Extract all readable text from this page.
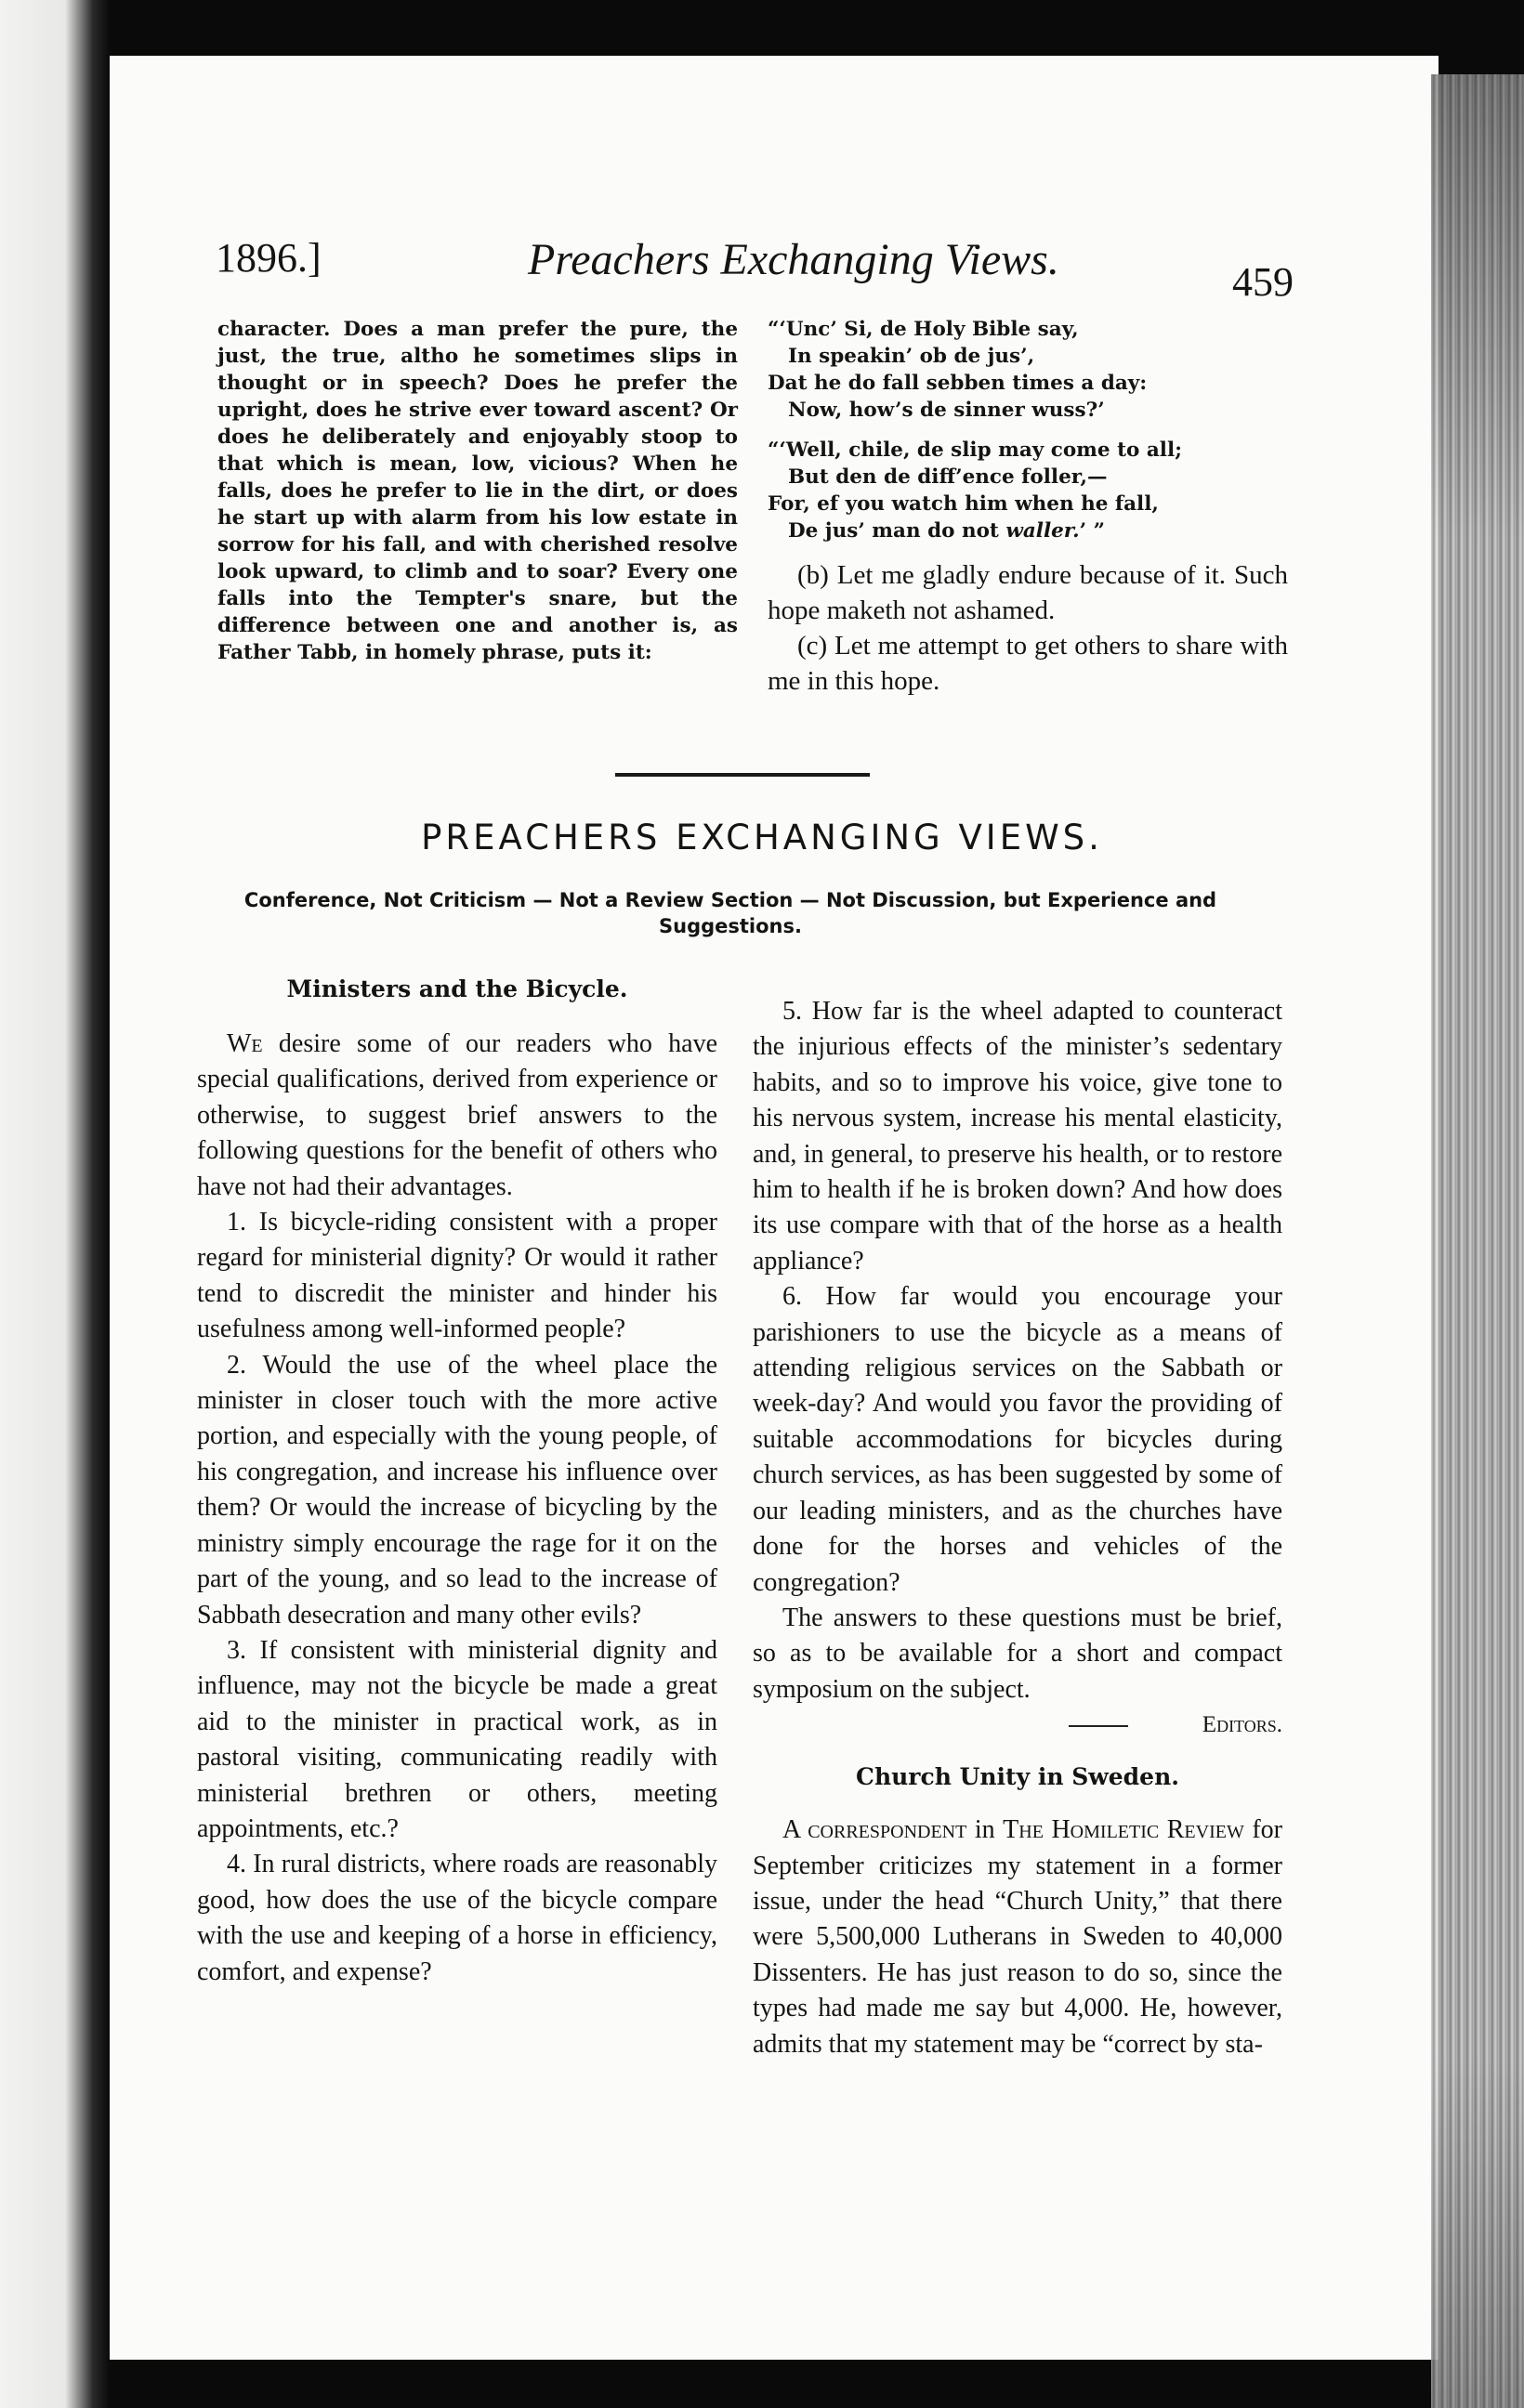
1896.]	Preachers Exchanging Views.	459

character. Does a man prefer the pure, the just, the true, altho he sometimes slips in thought or in speech? Does he prefer the upright, does he strive ever toward ascent? Or does he deliberately and enjoyably stoop to that which is mean, low, vicious? When he falls, does he prefer to lie in the dirt, or does he start up with alarm from his low estate in sorrow for his fall, and with cherished resolve look upward, to climb and to soar? Every one falls into the Tempter's snare, but the difference between one and another is, as Father Tabb, in homely phrase, puts it:

“‘Unc’ Si, de Holy Bible say,
In speakin’ ob de jus’,
Dat he do fall sebben times a day:
Now, how’s de sinner wuss?’
“‘Well, chile, de slip may come to all;
But den de diff’ence foller,—
For, ef you watch him when he fall,
De jus’ man do not waller.’ ”

(b) Let me gladly endure because of it. Such hope maketh not ashamed.

(c) Let me attempt to get others to share with me in this hope.

PREACHERS EXCHANGING VIEWS.
Conference, Not Criticism — Not a Review Section — Not Discussion, but Experience and Suggestions.

Ministers and the Bicycle.

We desire some of our readers who have special qualifications, derived from experience or otherwise, to suggest brief answers to the following questions for the benefit of others who have not had their advantages.

1. Is bicycle-riding consistent with a proper regard for ministerial dignity? Or would it rather tend to discredit the minister and hinder his usefulness among well-informed people?

2. Would the use of the wheel place the minister in closer touch with the more active portion, and especially with the young people, of his congregation, and increase his influence over them? Or would the increase of bicycling by the ministry simply encourage the rage for it on the part of the young, and so lead to the increase of Sabbath desecration and many other evils?

3. If consistent with ministerial dignity and influence, may not the bicycle be made a great aid to the minister in practical work, as in pastoral visiting, communicating readily with ministerial brethren or others, meeting appointments, etc.?

4. In rural districts, where roads are reasonably good, how does the use of the bicycle compare with the use and keeping of a horse in efficiency, comfort, and expense?

5. How far is the wheel adapted to counteract the injurious effects of the minister’s sedentary habits, and so to improve his voice, give tone to his nervous system, increase his mental elasticity, and, in general, to preserve his health, or to restore him to health if he is broken down? And how does its use compare with that of the horse as a health appliance?

6. How far would you encourage your parishioners to use the bicycle as a means of attending religious services on the Sabbath or week-day? And would you favor the providing of suitable accommodations for bicycles during church services, as has been suggested by some of our leading ministers, and as the churches have done for the horses and vehicles of the congregation?

The answers to these questions must be brief, so as to be available for a short and compact symposium on the subject.

Editors.

Church Unity in Sweden.

A correspondent in The Homiletic Review for September criticizes my statement in a former issue, under the head “Church Unity,” that there were 5,500,000 Lutherans in Sweden to 40,000 Dissenters. He has just reason to do so, since the types had made me say but 4,000. He, however, admits that my statement may be “correct by sta-
